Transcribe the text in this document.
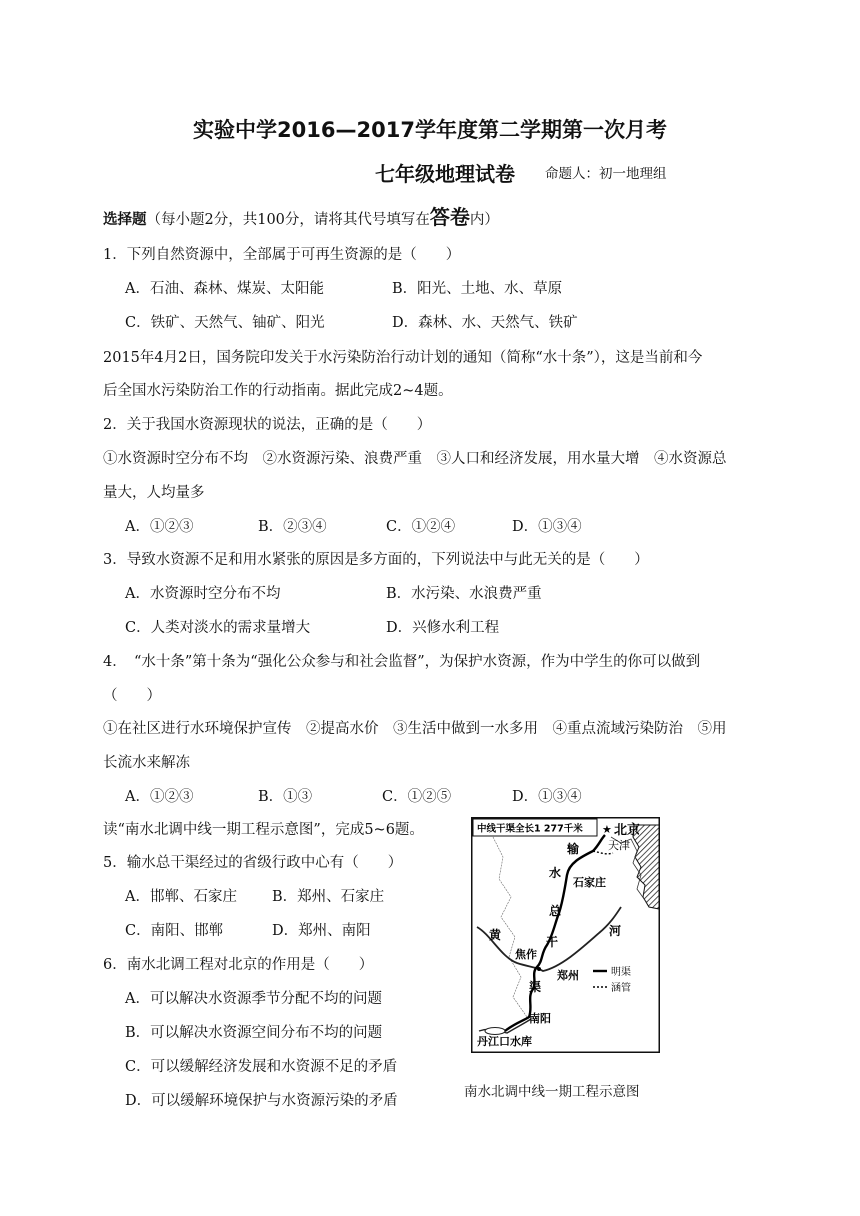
实验中学2016—2017学年度第二学期第一次月考
七年级地理试卷 命题人：初一地理组
选择题（每小题2分，共100分，请将其代号填写在答卷内）
1．下列自然资源中，全部属于可再生资源的是（　　）
A．石油、森林、煤炭、太阳能	B．阳光、土地、水、草原
C．铁矿、天然气、铀矿、阳光	D．森林、水、天然气、铁矿
2015年4月2日，国务院印发关于水污染防治行动计划的通知（简称“水十条”），这是当前和今
后全国水污染防治工作的行动指南。据此完成2~4题。
2．关于我国水资源现状的说法，正确的是（　　）
①水资源时空分布不均　②水资源污染、浪费严重　③人口和经济发展，用水量大增　④水资源总
量大，人均量多
A．①②③	B．②③④	C．①②④	D．①③④
3．导致水资源不足和用水紧张的原因是多方面的，下列说法中与此无关的是（　　）
A．水资源时空分布不均	B．水污染、水浪费严重
C．人类对淡水的需求量增大	D．兴修水利工程
4．　“水十条”第十条为“强化公众参与和社会监督”，为保护水资源，作为中学生的你可以做到
（　　）
①在社区进行水环境保护宣传　②提高水价　③生活中做到一水多用　④重点流域污染防治　⑤用
长流水来解冻
A．①②③	B．①③	C．①②⑤	D．①③④
读“南水北调中线一期工程示意图”，完成5~6题。
5．输水总干渠经过的省级行政中心有（　　）
A．邯郸、石家庄 B．郑州、石家庄
C．南阳、邯郸	D．郑州、南阳
6．南水北调工程对北京的作用是（　　）
A．可以解决水资源季节分配不均的问题
B．可以解决水资源空间分布不均的问题
C．可以缓解经济发展和水资源不足的矛盾
D．可以缓解环境保护与水资源污染的矛盾
中线干渠全长1 277千米 ★ 北京
天津
输
水
石家庄
总
黄	河
干
焦作
郑州
渠
明渠
涵管
南阳
丹江口水库
南水北调中线一期工程示意图
